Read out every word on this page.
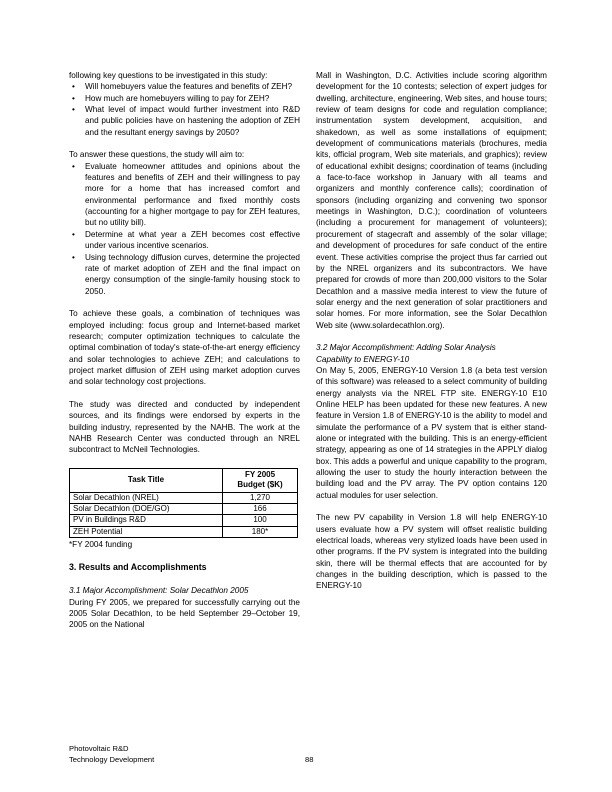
following key questions to be investigated in this study:

• Will homebuyers value the features and benefits of ZEH?
• How much are homebuyers willing to pay for ZEH?
• What level of impact would further investment into R&D and public policies have on hastening the adoption of ZEH and the resultant energy savings by 2050?

To answer these questions, the study will aim to:

• Evaluate homeowner attitudes and opinions about the features and benefits of ZEH and their willingness to pay more for a home that has increased comfort and environmental performance and fixed monthly costs (accounting for a higher mortgage to pay for ZEH features, but no utility bill).
• Determine at what year a ZEH becomes cost effective under various incentive scenarios.
• Using technology diffusion curves, determine the projected rate of market adoption of ZEH and the final impact on energy consumption of the single-family housing stock to 2050.

To achieve these goals, a combination of techniques was employed including: focus group and Internet-based market research; computer optimization techniques to calculate the optimal combination of today's state-of-the-art energy efficiency and solar technologies to achieve ZEH; and calculations to project market diffusion of ZEH using market adoption curves and solar technology cost projections.

The study was directed and conducted by independent sources, and its findings were endorsed by experts in the building industry, represented by the NAHB. The work at the NAHB Research Center was conducted through an NREL subcontract to McNeil Technologies.

Task Title	FY 2005
Budget ($K)
Solar Decathlon (NREL)	1,270
Solar Decathlon (DOE/GO)	166
PV in Buildings R&D	100
ZEH Potential	180*
*FY 2004 funding

3. Results and Accomplishments

3.1 Major Accomplishment: Solar Decathlon 2005

During FY 2005, we prepared for successfully carrying out the 2005 Solar Decathlon, to be held September 29–October 19, 2005 on the National

Mall in Washington, D.C. Activities include scoring algorithm development for the 10 contests; selection of expert judges for dwelling, architecture, engineering, Web sites, and house tours; review of team designs for code and regulation compliance; instrumentation system development, acquisition, and shakedown, as well as some installations of equipment; development of communications materials (brochures, media kits, official program, Web site materials, and graphics); review of educational exhibit designs; coordination of teams (including a face-to-face workshop in January with all teams and organizers and monthly conference calls); coordination of sponsors (including organizing and convening two sponsor meetings in Washington, D.C.); coordination of volunteers (including a procurement for management of volunteers); procurement of stagecraft and assembly of the solar village; and development of procedures for safe conduct of the entire event. These activities comprise the project thus far carried out by the NREL organizers and its subcontractors. We have prepared for crowds of more than 200,000 visitors to the Solar Decathlon and a massive media interest to view the future of solar energy and the next generation of solar practitioners and solar homes. For more information, see the Solar Decathlon Web site (www.solardecathlon.org).

3.2 Major Accomplishment: Adding Solar Analysis
Capability to ENERGY-10

On May 5, 2005, ENERGY-10 Version 1.8 (a beta test version of this software) was released to a select community of building energy analysts via the NREL FTP site. ENERGY-10 E10 Online HELP has been updated for these new features. A new feature in Version 1.8 of ENERGY-10 is the ability to model and simulate the performance of a PV system that is either stand-alone or integrated with the building. This is an energy-efficient strategy, appearing as one of 14 strategies in the APPLY dialog box. This adds a powerful and unique capability to the program, allowing the user to study the hourly interaction between the building load and the PV array. The PV option contains 120 actual modules for user selection.

The new PV capability in Version 1.8 will help ENERGY-10 users evaluate how a PV system will offset realistic building electrical loads, whereas very stylized loads have been used in other programs. If the PV system is integrated into the building skin, there will be thermal effects that are accounted for by changes in the building description, which is passed to the ENERGY-10

Photovoltaic R&D
Technology Development	88
